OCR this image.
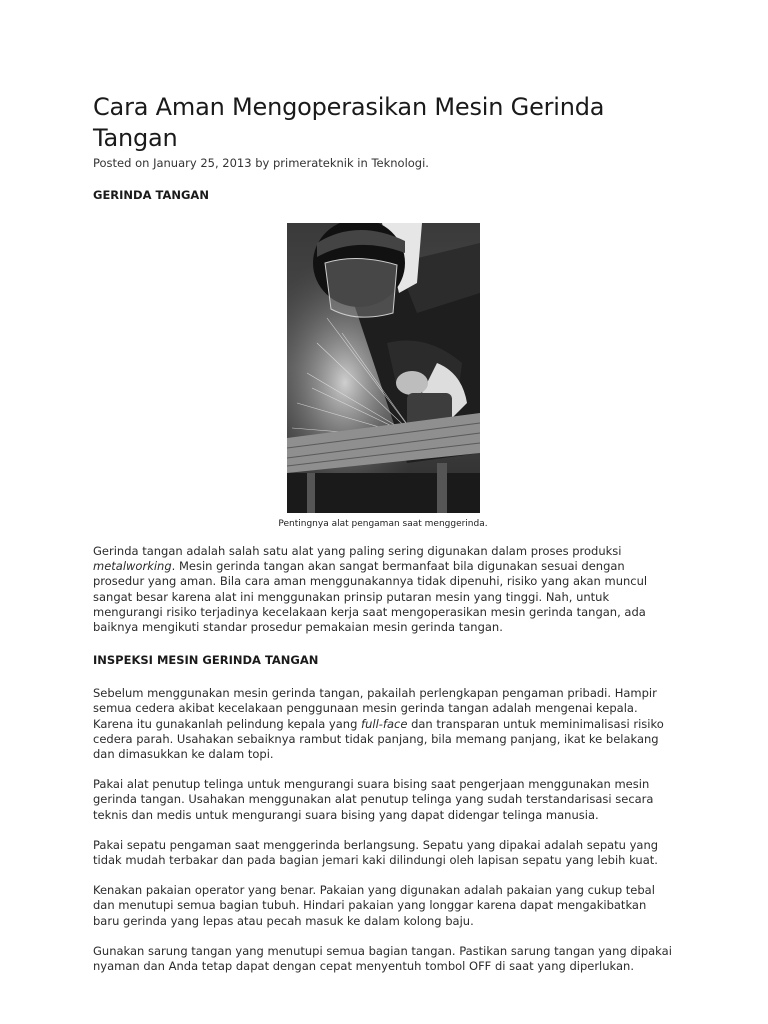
Cara Aman Mengoperasikan Mesin Gerinda
Tangan
Posted on January 25, 2013 by primerateknik in Teknologi.
GERINDA TANGAN
Pentingnya alat pengaman saat menggerinda.

Gerinda tangan adalah salah satu alat yang paling sering digunakan dalam proses produksi metalworking. Mesin gerinda tangan akan sangat bermanfaat bila digunakan sesuai dengan prosedur yang aman. Bila cara aman menggunakannya tidak dipenuhi, risiko yang akan muncul sangat besar karena alat ini menggunakan prinsip putaran mesin yang tinggi. Nah, untuk mengurangi risiko terjadinya kecelakaan kerja saat mengoperasikan mesin gerinda tangan, ada baiknya mengikuti standar prosedur pemakaian mesin gerinda tangan.

INSPEKSI MESIN GERINDA TANGAN

Sebelum menggunakan mesin gerinda tangan, pakailah perlengkapan pengaman pribadi. Hampir semua cedera akibat kecelakaan penggunaan mesin gerinda tangan adalah mengenai kepala. Karena itu gunakanlah pelindung kepala yang full-face dan transparan untuk meminimalisasi risiko cedera parah. Usahakan sebaiknya rambut tidak panjang, bila memang panjang, ikat ke belakang dan dimasukkan ke dalam topi.

Pakai alat penutup telinga untuk mengurangi suara bising saat pengerjaan menggunakan mesin gerinda tangan. Usahakan menggunakan alat penutup telinga yang sudah terstandarisasi secara teknis dan medis untuk mengurangi suara bising yang dapat didengar telinga manusia.

Pakai sepatu pengaman saat menggerinda berlangsung. Sepatu yang dipakai adalah sepatu yang tidak mudah terbakar dan pada bagian jemari kaki dilindungi oleh lapisan sepatu yang lebih kuat.

Kenakan pakaian operator yang benar. Pakaian yang digunakan adalah pakaian yang cukup tebal dan menutupi semua bagian tubuh. Hindari pakaian yang longgar karena dapat mengakibatkan baru gerinda yang lepas atau pecah masuk ke dalam kolong baju.

Gunakan sarung tangan yang menutupi semua bagian tangan. Pastikan sarung tangan yang dipakai nyaman dan Anda tetap dapat dengan cepat menyentuh tombol OFF di saat yang diperlukan.
